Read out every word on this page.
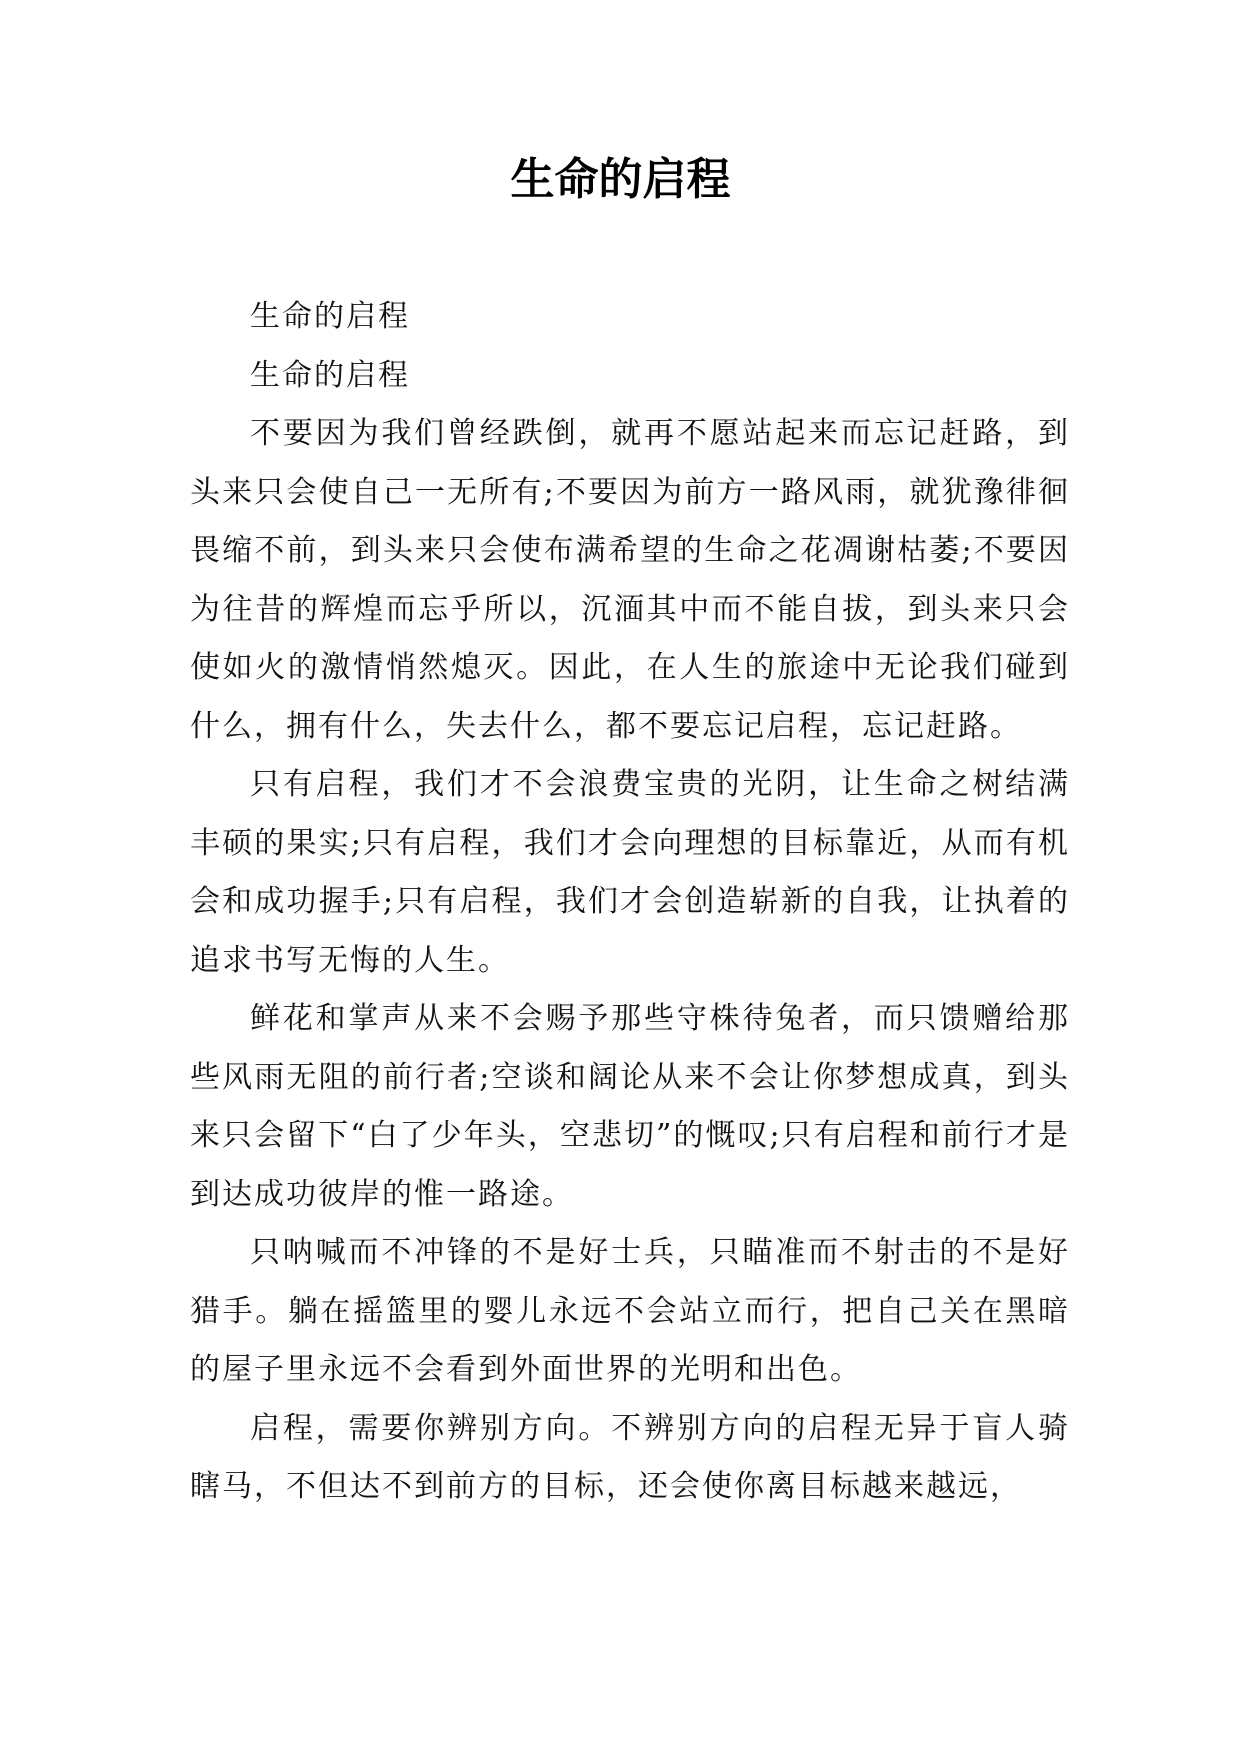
生命的启程

生命的启程

生命的启程

不要因为我们曾经跌倒，就再不愿站起来而忘记赶路，到头来只会使自己一无所有;不要因为前方一路风雨，就犹豫徘徊畏缩不前，到头来只会使布满希望的生命之花凋谢枯萎;不要因为往昔的辉煌而忘乎所以，沉湎其中而不能自拔，到头来只会使如火的激情悄然熄灭。因此，在人生的旅途中无论我们碰到什么，拥有什么，失去什么，都不要忘记启程，忘记赶路。

只有启程，我们才不会浪费宝贵的光阴，让生命之树结满丰硕的果实;只有启程，我们才会向理想的目标靠近，从而有机会和成功握手;只有启程，我们才会创造崭新的自我，让执着的追求书写无悔的人生。

鲜花和掌声从来不会赐予那些守株待兔者，而只馈赠给那些风雨无阻的前行者;空谈和阔论从来不会让你梦想成真，到头来只会留下“白了少年头，空悲切”的慨叹;只有启程和前行才是到达成功彼岸的惟一路途。

只呐喊而不冲锋的不是好士兵，只瞄准而不射击的不是好猎手。躺在摇篮里的婴儿永远不会站立而行，把自己关在黑暗的屋子里永远不会看到外面世界的光明和出色。

启程，需要你辨别方向。不辨别方向的启程无异于盲人骑瞎马，不但达不到前方的目标，还会使你离目标越来越远，
